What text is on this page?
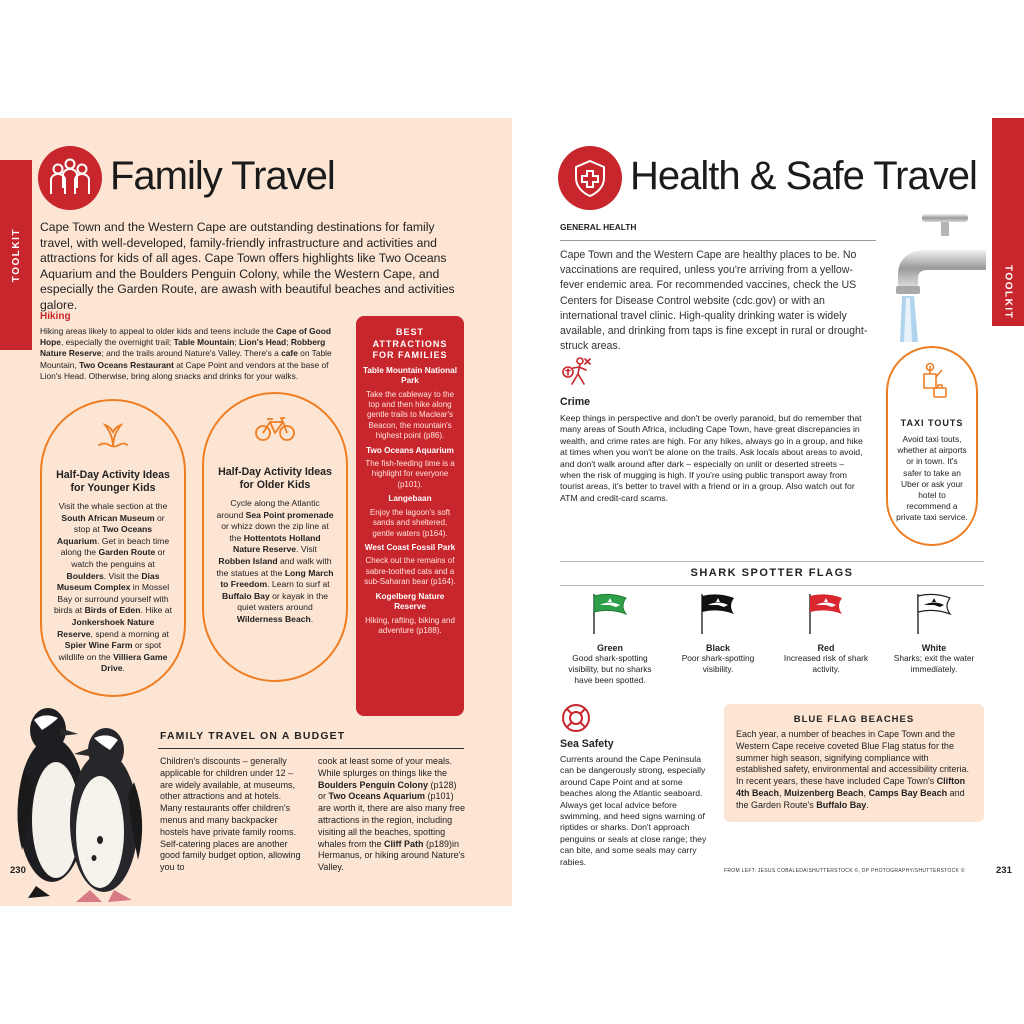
TOOLKIT
Family Travel
Cape Town and the Western Cape are outstanding destinations for family travel, with well-developed, family-friendly infrastructure and activities and attractions for kids of all ages. Cape Town offers highlights like Two Oceans Aquarium and the Boulders Penguin Colony, while the Western Cape, and especially the Garden Route, are awash with beautiful beaches and activities galore.
Hiking
Hiking areas likely to appeal to older kids and teens include the Cape of Good Hope, especially the overnight trail; Table Mountain; Lion's Head; Robberg Nature Reserve; and the trails around Nature's Valley. There's a cafe on Table Mountain, Two Oceans Restaurant at Cape Point and vendors at the base of Lion's Head. Otherwise, bring along snacks and drinks for your walks.
Half-Day Activity Ideas for Younger Kids
Visit the whale section at the South African Museum or stop at Two Oceans Aquarium. Get in beach time along the Garden Route or watch the penguins at Boulders. Visit the Dias Museum Complex in Mossel Bay or surround yourself with birds at Birds of Eden. Hike at Jonkershoek Nature Reserve, spend a morning at Spier Wine Farm or spot wildlife on the Villiera Game Drive.
Half-Day Activity Ideas for Older Kids
Cycle along the Atlantic around Sea Point promenade or whizz down the zip line at the Hottentots Holland Nature Reserve. Visit Robben Island and walk with the statues at the Long March to Freedom. Learn to surf at Buffalo Bay or kayak in the quiet waters around Wilderness Beach.
BEST ATTRACTIONS FOR FAMILIES
Table Mountain National Park
Take the cableway to the top and then hike along gentle trails to Maclear's Beacon, the mountain's highest point (p86).
Two Oceans Aquarium
The fish-feeding time is a highlight for everyone (p101).
Langebaan
Enjoy the lagoon's soft sands and sheltered, gentle waters (p164).
West Coast Fossil Park
Check out the remains of sabre-toothed cats and a sub-Saharan bear (p164).
Kogelberg Nature Reserve
Hiking, rafting, biking and adventure (p188).
FAMILY TRAVEL ON A BUDGET
Children's discounts – generally applicable for children under 12 – are widely available, at museums, other attractions and at hotels. Many restaurants offer children's menus and many backpacker hostels have private family rooms. Self-catering places are another good family budget option, allowing you to
cook at least some of your meals. While splurges on things like the Boulders Penguin Colony (p128) or Two Oceans Aquarium (p101) are worth it, there are also many free attractions in the region, including visiting all the beaches, spotting whales from the Cliff Path (p189)in Hermanus, or hiking around Nature's Valley.
230
TOOLKIT
Health & Safe Travel
GENERAL HEALTH
Cape Town and the Western Cape are healthy places to be. No vaccinations are required, unless you're arriving from a yellow-fever endemic area. For recommended vaccines, check the US Centers for Disease Control website (cdc.gov) or with an international travel clinic. High-quality drinking water is widely available, and drinking from taps is fine except in rural or drought-struck areas.
Crime
Keep things in perspective and don't be overly paranoid, but do remember that many areas of South Africa, including Cape Town, have great discrepancies in wealth, and crime rates are high. For any hikes, always go in a group, and hike at times when you won't be alone on the trails. Ask locals about areas to avoid, and don't walk around after dark – especially on unlit or deserted streets – when the risk of mugging is high. If you're using public transport away from tourist areas, it's better to travel with a friend or in a group. Also watch out for ATM and credit-card scams.
TAXI TOUTS
Avoid taxi touts, whether at airports or in town. It's safer to take an Uber or ask your hotel to recommend a private taxi service.
SHARK SPOTTER FLAGS
Green
Good shark-spotting visibility, but no sharks have been spotted.
Black
Poor shark-spotting visibility.
Red
Increased risk of shark activity.
White
Sharks; exit the water immediately.
Sea Safety
Currents around the Cape Peninsula can be dangerously strong, especially around Cape Point and at some beaches along the Atlantic seaboard. Always get local advice before swimming, and heed signs warning of riptides or sharks. Don't approach penguins or seals at close range; they can bite, and some seals may carry rabies.
BLUE FLAG BEACHES
Each year, a number of beaches in Cape Town and the Western Cape receive coveted Blue Flag status for the summer high season, signifying compliance with established safety, environmental and accessibility criteria. In recent years, these have included Cape Town's Clifton 4th Beach, Muizenberg Beach, Camps Bay Beach and the Garden Route's Buffalo Bay.
FROM LEFT: JESUS COBALEDA/SHUTTERSTOCK ©, DP PHOTOGRAPHY/SHUTTERSTOCK ©	231
